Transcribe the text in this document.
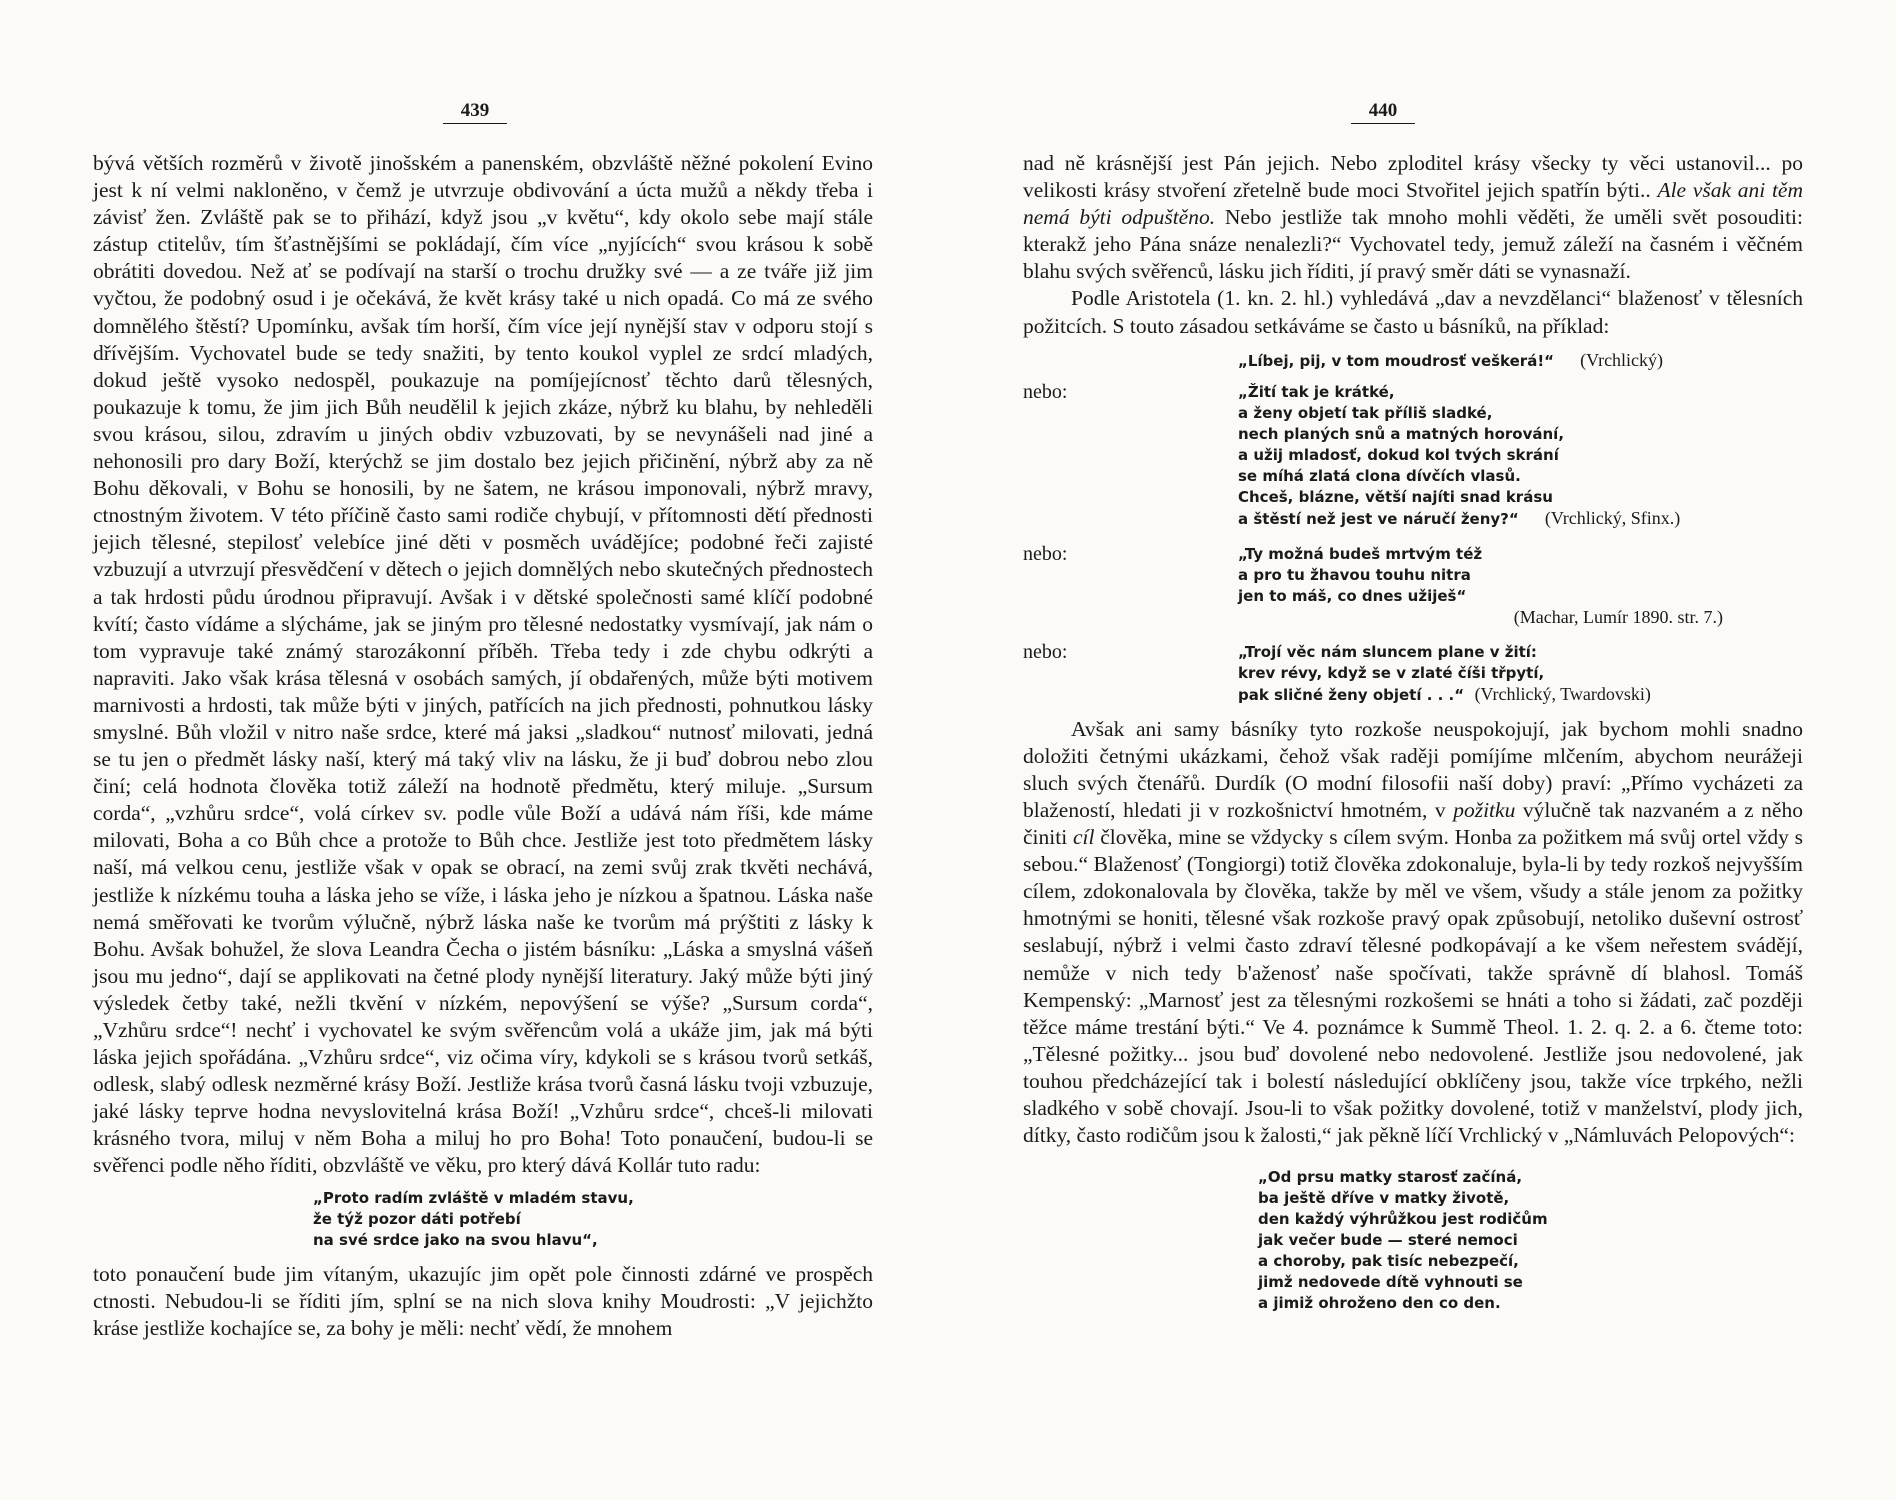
439

bývá větších rozměrů v životě jinošském a panenském, obzvláště něžné pokolení Evino jest k ní velmi nakloněno, v čemž je utvrzuje obdivování a úcta mužů a někdy třeba i závisť žen. Zvláště pak se to přihází, když jsou „v květu“, kdy okolo sebe mají stále zástup ctitelův, tím šťastnějšími se pokládají, čím více „nyjících“ svou krásou k sobě obrátiti dovedou. Než ať se podívají na starší o trochu družky své — a ze tváře již jim vyčtou, že podobný osud i je očekává, že květ krásy také u nich opadá. Co má ze svého domnělého štěstí? Upomínku, avšak tím horší, čím více její nynější stav v odporu stojí s dřívějším. Vychovatel bude se tedy snažiti, by tento koukol vyplel ze srdcí mladých, dokud ještě vysoko nedospěl, poukazuje na pomíjejícnosť těchto darů tělesných, poukazuje k tomu, že jim jich Bůh neudělil k jejich zkáze, nýbrž ku blahu, by nehleděli svou krásou, silou, zdravím u jiných obdiv vzbuzovati, by se nevynášeli nad jiné a nehonosili pro dary Boží, kterýchž se jim dostalo bez jejich přičinění, nýbrž aby za ně Bohu děkovali, v Bohu se honosili, by ne šatem, ne krásou imponovali, nýbrž mravy, ctnostným životem. V této příčině často sami rodiče chybují, v přítomnosti dětí přednosti jejich tělesné, stepilosť velebíce jiné děti v posměch uvádějíce; podobné řeči zajisté vzbuzují a utvrzují přesvědčení v dětech o jejich domnělých nebo skutečných přednostech a tak hrdosti půdu úrodnou připravují. Avšak i v dětské společnosti samé klíčí podobné kvítí; často vídáme a slýcháme, jak se jiným pro tělesné nedostatky vysmívají, jak nám o tom vypravuje také známý starozákonní příběh. Třeba tedy i zde chybu odkrýti a napraviti. Jako však krása tělesná v osobách samých, jí obdařených, může býti motivem marnivosti a hrdosti, tak může býti v jiných, patřících na jich přednosti, pohnutkou lásky smyslné. Bůh vložil v nitro naše srdce, které má jaksi „sladkou“ nutnosť milovati, jedná se tu jen o předmět lásky naší, který má taký vliv na lásku, že ji buď dobrou nebo zlou činí; celá hodnota člověka totiž záleží na hodnotě předmětu, který miluje. „Sursum corda“, „vzhůru srdce“, volá církev sv. podle vůle Boží a udává nám říši, kde máme milovati, Boha a co Bůh chce a protože to Bůh chce. Jestliže jest toto předmětem lásky naší, má velkou cenu, jestliže však v opak se obrací, na zemi svůj zrak tkvěti nechává, jestliže k nízkému touha a láska jeho se víže, i láska jeho je nízkou a špatnou. Láska naše nemá směřovati ke tvorům výlučně, nýbrž láska naše ke tvorům má prýštiti z lásky k Bohu. Avšak bohužel, že slova Leandra Čecha o jistém básníku: „Láska a smyslná vášeň jsou mu jedno“, dají se applikovati na četné plody nynější literatury. Jaký může býti jiný výsledek četby také, nežli tkvění v nízkém, nepovýšení se výše? „Sursum corda“, „Vzhůru srdce“! nechť i vychovatel ke svým svěřencům volá a ukáže jim, jak má býti láska jejich spořádána. „Vzhůru srdce“, viz očima víry, kdykoli se s krásou tvorů setkáš, odlesk, slabý odlesk nezměrné krásy Boží. Jestliže krása tvorů časná lásku tvoji vzbuzuje, jaké lásky teprve hodna nevyslovitelná krása Boží! „Vzhůru srdce“, chceš-li milovati krásného tvora, miluj v něm Boha a miluj ho pro Boha! Toto ponaučení, budou-li se svěřenci podle něho říditi, obzvláště ve věku, pro který dává Kollár tuto radu:

„Proto radím zvláště v mladém stavu,
že týž pozor dáti potřebí
na své srdce jako na svou hlavu“,

toto ponaučení bude jim vítaným, ukazujíc jim opět pole činnosti zdárné ve prospěch ctnosti. Nebudou-li se říditi jím, splní se na nich slova knihy Moudrosti: „V jejichžto kráse jestliže kochajíce se, za bohy je měli: nechť vědí, že mnohem

440

nad ně krásnější jest Pán jejich. Nebo zploditel krásy všecky ty věci ustanovil... po velikosti krásy stvoření zřetelně bude moci Stvořitel jejich spatřín býti.. Ale však ani těm nemá býti odpuštěno. Nebo jestliže tak mnoho mohli věděti, že uměli svět posouditi: kterakž jeho Pána snáze nenalezli?“ Vychovatel tedy, jemuž záleží na časném i věčném blahu svých svěřenců, lásku jich říditi, jí pravý směr dáti se vynasnaží.

Podle Aristotela (1. kn. 2. hl.) vyhledává „dav a nevzdělanci“ blaženosť v tělesních požitcích. S touto zásadou setkáváme se často u básníků, na příklad:

„Líbej, pij, v tom moudrosť veškerá!“ (Vrchlický)
nebo:	„Žití tak je krátké,
a ženy objetí tak příliš sladké,
nech planých snů a matných horování,
a užij mladosť, dokud kol tvých skrání
se míhá zlatá clona dívčích vlasů.
Chceš, blázne, větší najíti snad krásu
a štěstí než jest ve náručí ženy?“ (Vrchlický, Sfinx.)
nebo:	„Ty možná budeš mrtvým též
a pro tu žhavou touhu nitra
jen to máš, co dnes užiješ“
(Machar, Lumír 1890. str. 7.)
nebo:	„Trojí věc nám sluncem plane v žití:
krev révy, když se v zlaté číši třpytí,
pak sličné ženy objetí . . .“ (Vrchlický, Twardovski)

Avšak ani samy básníky tyto rozkoše neuspokojují, jak bychom mohli snadno doložiti četnými ukázkami, čehož však raději pomíjíme mlčením, abychom neurážeji sluch svých čtenářů. Durdík (O modní filosofii naší doby) praví: „Přímo vycházeti za blažeností, hledati ji v rozkošnictví hmotném, v požitku výlučně tak nazvaném a z něho činiti cíl člověka, mine se vždycky s cílem svým. Honba za požitkem má svůj ortel vždy s sebou.“ Blaženosť (Tongiorgi) totiž člověka zdokonaluje, byla-li by tedy rozkoš nejvyšším cílem, zdokonalovala by člověka, takže by měl ve všem, všudy a stále jenom za požitky hmotnými se honiti, tělesné však rozkoše pravý opak způsobují, netoliko duševní ostrosť seslabují, nýbrž i velmi často zdraví tělesné podkopávají a ke všem neřestem svádějí, nemůže v nich tedy b'aženosť naše spočívati, takže správně dí blahosl. Tomáš Kempenský: „Marnosť jest za tělesnými rozkošemi se hnáti a toho si žádati, zač později těžce máme trestání býti.“ Ve 4. poznámce k Summě Theol. 1. 2. q. 2. a 6. čteme toto: „Tělesné požitky... jsou buď dovolené nebo nedovolené. Jestliže jsou nedovolené, jak touhou předcházející tak i bolestí následující obklíčeny jsou, takže více trpkého, nežli sladkého v sobě chovají. Jsou-li to však požitky dovolené, totiž v manželství, plody jich, dítky, často rodičům jsou k žalosti,“ jak pěkně líčí Vrchlický v „Námluvách Pelopových“:

„Od prsu matky starosť začíná,
ba ještě dříve v matky životě,
den každý výhrůžkou jest rodičům
jak večer bude — steré nemoci
a choroby, pak tisíc nebezpečí,
jimž nedovede dítě vyhnouti se
a jimiž ohroženo den co den.
